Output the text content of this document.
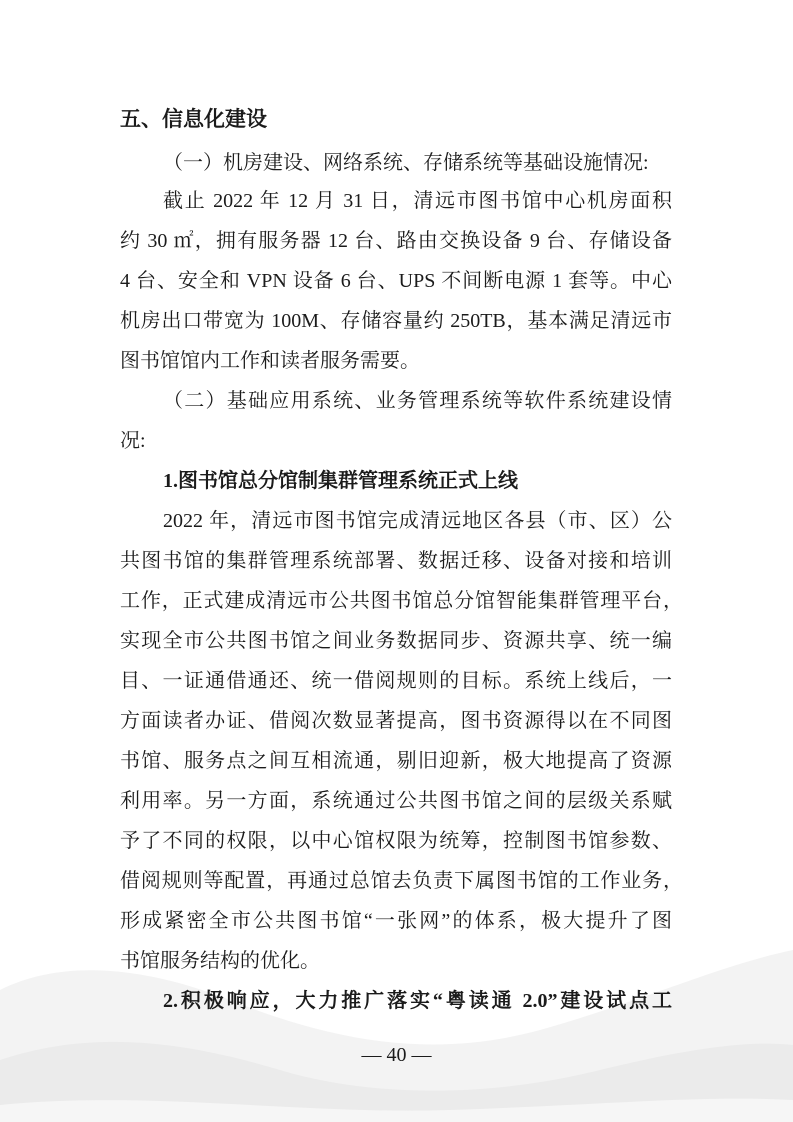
五、信息化建设
（一）机房建设、网络系统、存储系统等基础设施情况:
截止 2022 年 12 月 31 日，清远市图书馆中心机房面积
约 30 ㎡，拥有服务器 12 台、路由交换设备 9 台、存储设备
4 台、安全和 VPN 设备 6 台、UPS 不间断电源 1 套等。中心
机房出口带宽为 100M、存储容量约 250TB，基本满足清远市
图书馆馆内工作和读者服务需要。
（二）基础应用系统、业务管理系统等软件系统建设情
况:
1.图书馆总分馆制集群管理系统正式上线
2022 年，清远市图书馆完成清远地区各县（市、区）公
共图书馆的集群管理系统部署、数据迁移、设备对接和培训
工作，正式建成清远市公共图书馆总分馆智能集群管理平台，
实现全市公共图书馆之间业务数据同步、资源共享、统一编
目、一证通借通还、统一借阅规则的目标。系统上线后，一
方面读者办证、借阅次数显著提高，图书资源得以在不同图
书馆、服务点之间互相流通，剔旧迎新，极大地提高了资源
利用率。另一方面，系统通过公共图书馆之间的层级关系赋
予了不同的权限，以中心馆权限为统筹，控制图书馆参数、
借阅规则等配置，再通过总馆去负责下属图书馆的工作业务，
形成紧密全市公共图书馆“一张网”的体系，极大提升了图
书馆服务结构的优化。
2.积极响应，大力推广落实“粤读通 2.0”建设试点工
— 40 —
